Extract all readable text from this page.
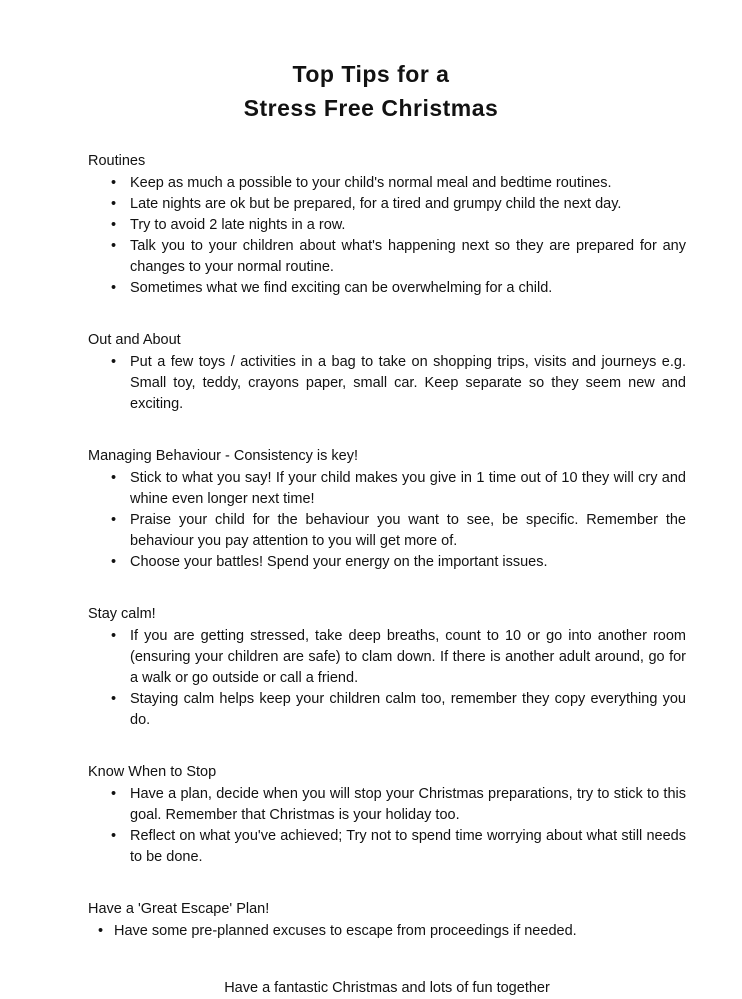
Top Tips for a
Stress Free Christmas

Routines

• Keep as much a possible to your child's normal meal and bedtime routines.
• Late nights are ok but be prepared, for a tired and grumpy child the next day.
• Try to avoid 2 late nights in a row.
• Talk you to your children about what's happening next so they are prepared for any changes to your normal routine.
• Sometimes what we find exciting can be overwhelming for a child.

Out and About

• Put a few toys / activities in a bag to take on shopping trips, visits and journeys e.g. Small toy, teddy, crayons paper, small car. Keep separate so they seem new and exciting.

Managing Behaviour - Consistency is key!

• Stick to what you say! If your child makes you give in 1 time out of 10 they will cry and whine even longer next time!
• Praise your child for the behaviour you want to see, be specific. Remember the behaviour you pay attention to you will get more of.
• Choose your battles! Spend your energy on the important issues.

Stay calm!

• If you are getting stressed, take deep breaths, count to 10 or go into another room (ensuring your children are safe) to clam down. If there is another adult around, go for a walk or go outside or call a friend.
• Staying calm helps keep your children calm too, remember they copy everything you do.

Know When to Stop

• Have a plan, decide when you will stop your Christmas preparations, try to stick to this goal. Remember that Christmas is your holiday too.
• Reflect on what you've achieved; Try not to spend time worrying about what still needs to be done.

Have a 'Great Escape' Plan!

• Have some pre-planned excuses to escape from proceedings if needed.

Have a fantastic Christmas and lots of fun together
